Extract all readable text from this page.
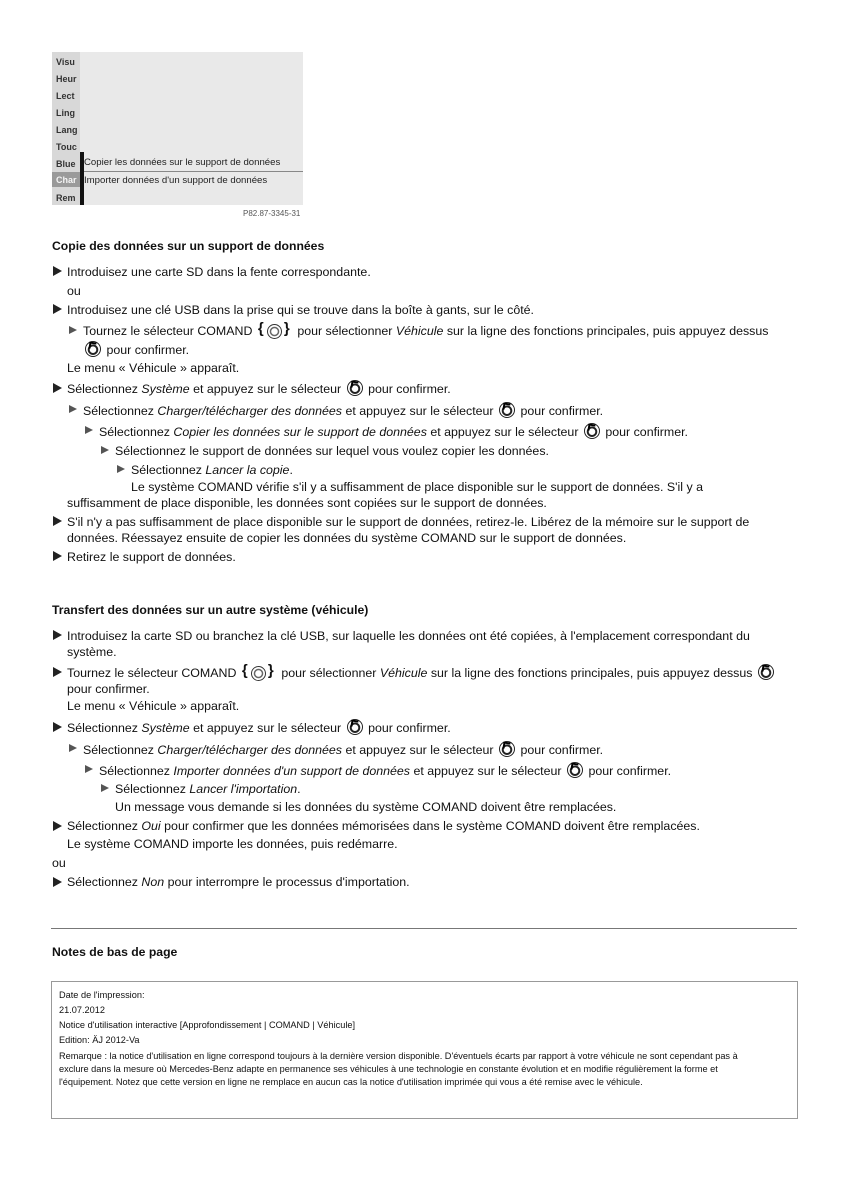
Visu
Heur
Lect
Ling
Lang
Touc
Blue
Char
Rem
Copier les données sur le support de données
Importer données d'un support de données
P82.87-3345-31
Copie des données sur un support de données
Introduisez une carte SD dans la fente correspondante.
ou
Introduisez une clé USB dans la prise qui se trouve dans la boîte à gants, sur le côté.
Tournez le sélecteur COMAND { } pour sélectionner Véhicule sur la ligne des fonctions principales, puis appuyez dessus
pour confirmer.
Le menu « Véhicule » apparaît.
Sélectionnez Système et appuyez sur le sélecteur pour confirmer.
Sélectionnez Charger/télécharger des données et appuyez sur le sélecteur pour confirmer.
Sélectionnez Copier les données sur le support de données et appuyez sur le sélecteur pour confirmer.
Sélectionnez le support de données sur lequel vous voulez copier les données.
Sélectionnez Lancer la copie.
Le système COMAND vérifie s'il y a suffisamment de place disponible sur le support de données. S'il y a
suffisamment de place disponible, les données sont copiées sur le support de données.
S'il n'y a pas suffisamment de place disponible sur le support de données, retirez-le. Libérez de la mémoire sur le support de
données. Réessayez ensuite de copier les données du système COMAND sur le support de données.
Retirez le support de données.
Transfert des données sur un autre système (véhicule)
Introduisez la carte SD ou branchez la clé USB, sur laquelle les données ont été copiées, à l'emplacement correspondant du
système.
Tournez le sélecteur COMAND { } pour sélectionner Véhicule sur la ligne des fonctions principales, puis appuyez dessus
pour confirmer.
Le menu « Véhicule » apparaît.
Sélectionnez Système et appuyez sur le sélecteur pour confirmer.
Sélectionnez Charger/télécharger des données et appuyez sur le sélecteur pour confirmer.
Sélectionnez Importer données d'un support de données et appuyez sur le sélecteur pour confirmer.
Sélectionnez Lancer l'importation.
Un message vous demande si les données du système COMAND doivent être remplacées.
Sélectionnez Oui pour confirmer que les données mémorisées dans le système COMAND doivent être remplacées.
Le système COMAND importe les données, puis redémarre.
ou
Sélectionnez Non pour interrompre le processus d'importation.
Notes de bas de page
Date de l'impression:
21.07.2012
Notice d'utilisation interactive [Approfondissement | COMAND | Véhicule]
Edition: ÄJ 2012-Va
Remarque : la notice d'utilisation en ligne correspond toujours à la dernière version disponible. D'éventuels écarts par rapport à votre véhicule ne sont cependant pas à exclure dans la mesure où Mercedes-Benz adapte en permanence ses véhicules à une technologie en constante évolution et en modifie régulièrement la forme et l'équipement. Notez que cette version en ligne ne remplace en aucun cas la notice d'utilisation imprimée qui vous a été remise avec le véhicule.
